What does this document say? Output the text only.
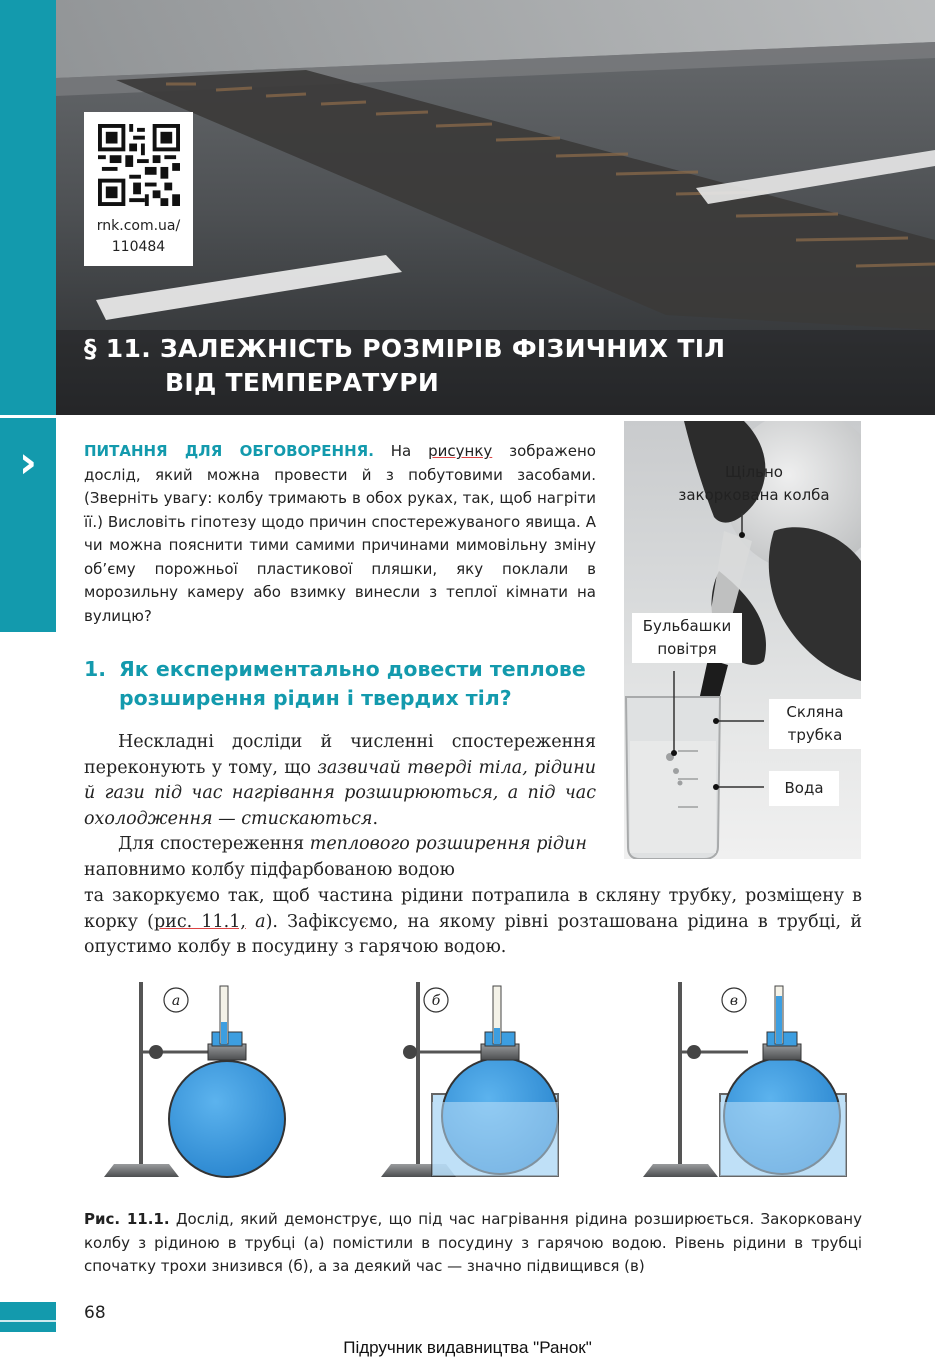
rnk.com.ua/
110484
§ 11. ЗАЛЕЖНІСТЬ РОЗМІРІВ ФІЗИЧНИХ ТІЛ
ВІД ТЕМПЕРАТУРИ
›	ПИТАННЯ ДЛЯ ОБГОВОРЕННЯ. На рисунку зображено дослід, який можна провести й з побутовими засобами. (Зверніть увагу: колбу тримають в обох руках, так, щоб нагріти її.) Висловіть гіпотезу щодо причин спостережуваного явища. А чи можна пояснити тими самими причинами мимовільну зміну об’єму порожньої пластикової пляшки, яку поклали в морозильну камеру або взимку винесли з теплої кімнати на вулицю?
Щільно
закоркована колба
Бульбашки
повітря
Скляна
трубка
Вода
1. Як експериментально довести теплове
розширення рідин і твердих тіл?
Нескладні досліди й численні спостереження переконують у тому, що зазвичай тверді тіла, рідини й гази під час нагрівання розширюються, а під час охолодження — стискаються.
Для спостереження теплового розширення рідин наповнимо колбу підфарбованою водою
та закоркуємо так, щоб частина рідини потрапила в скляну трубку, розміщену в корку (рис. 11.1, а). Зафіксуємо, на якому рівні розташована рідина в трубці, й опустимо колбу в посудину з гарячою водою.
а	б	в
Рис. 11.1. Дослід, який демонструє, що під час нагрівання рідина розширюється. Закорковану колбу з рідиною в трубці (а) помістили в посудину з гарячою водою. Рівень рідини в трубці спочатку трохи знизився (б), а за деякий час — значно підвищився (в)
68
Підручник видавництва "Ранок"
